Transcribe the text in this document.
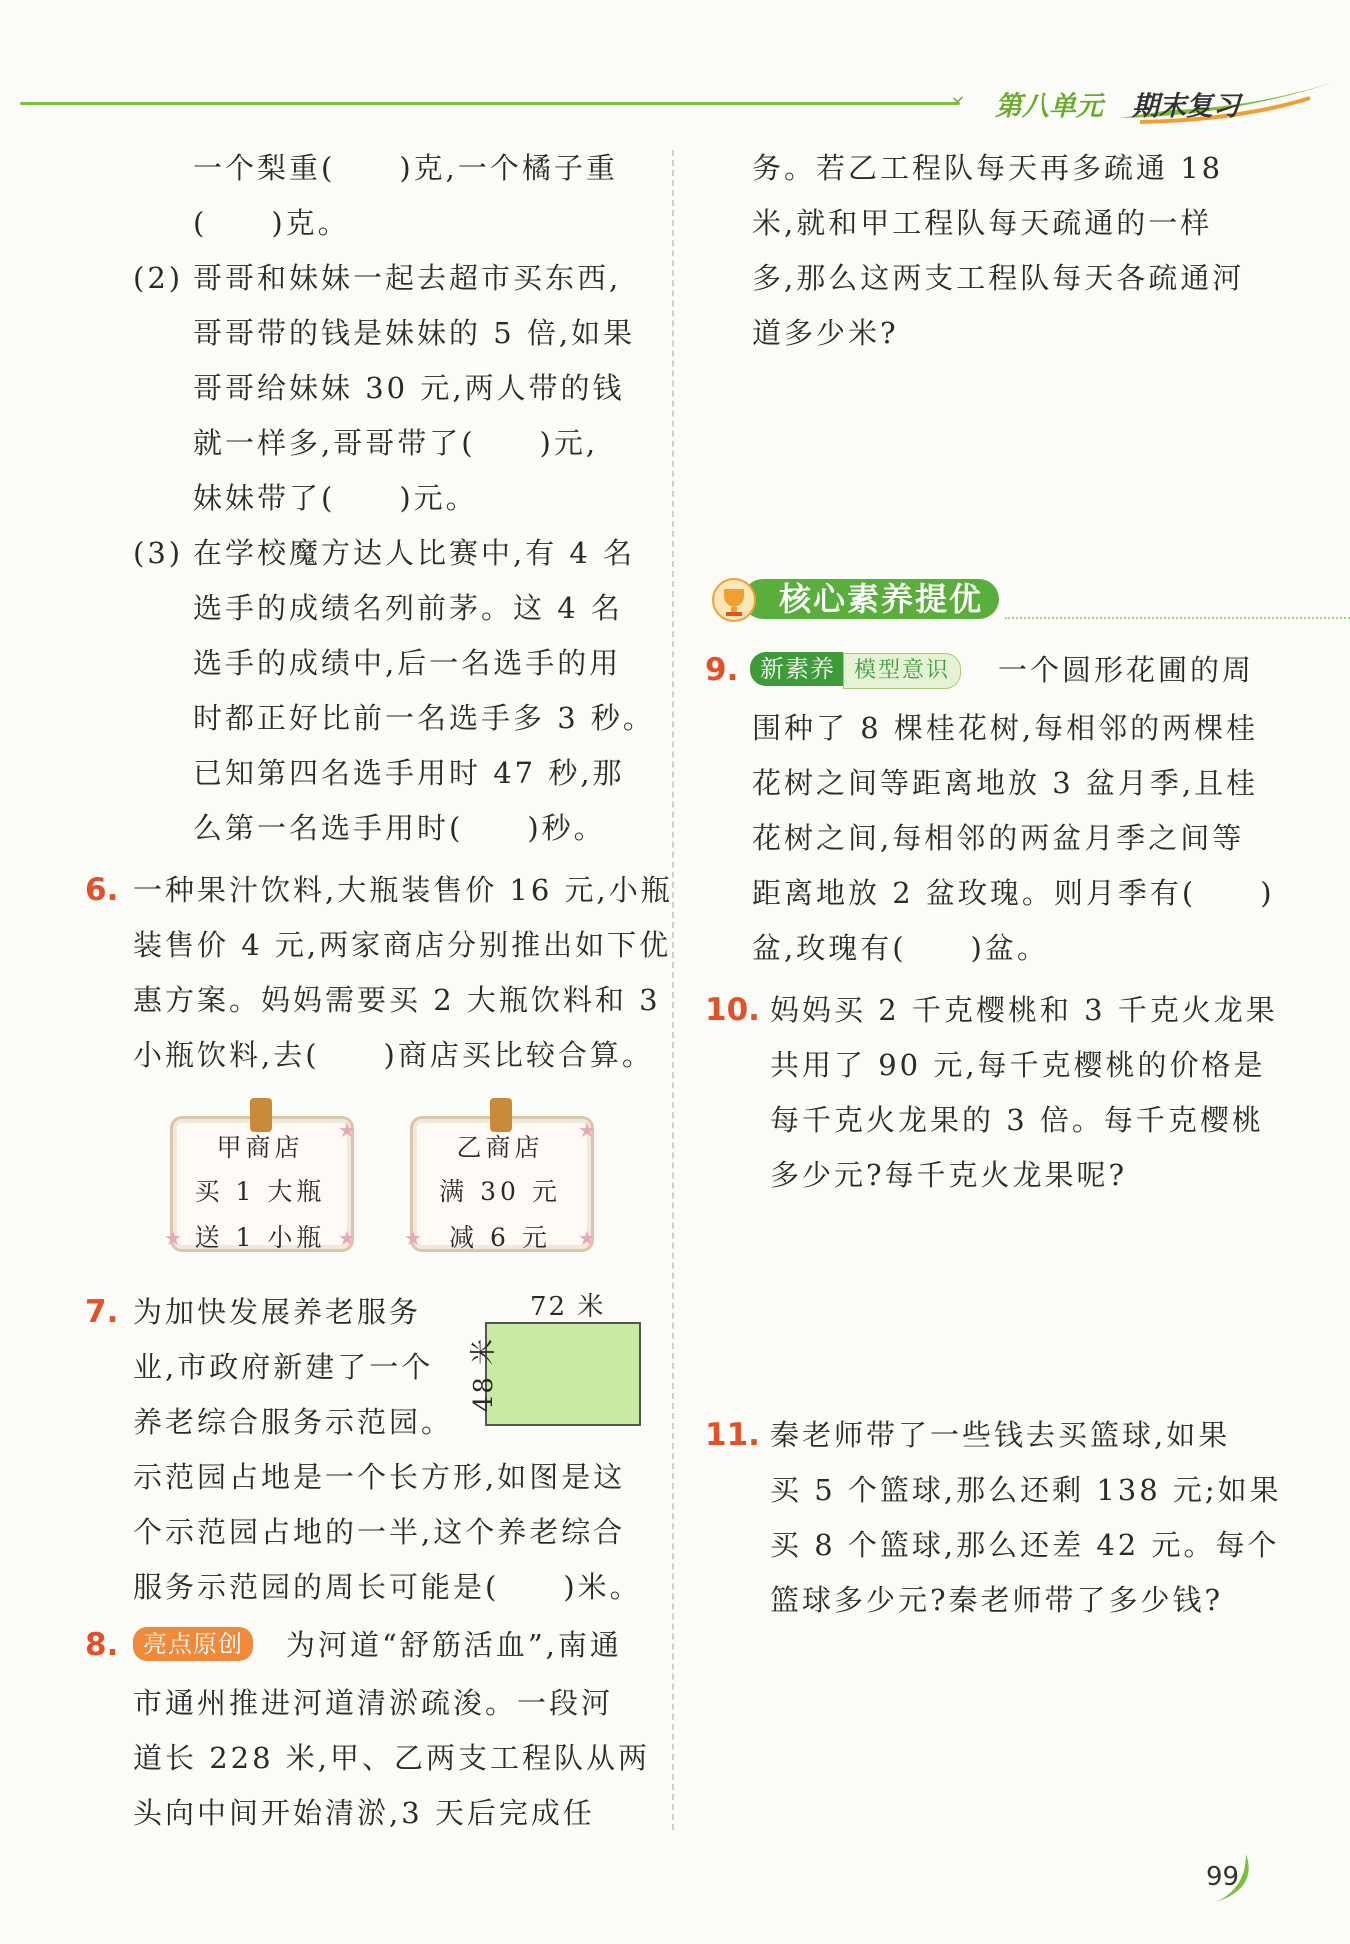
第八单元 期末复习
一个梨重(　　)克,一个橘子重
(　　)克。
(2) 哥哥和妹妹一起去超市买东西,
哥哥带的钱是妹妹的 5 倍,如果
哥哥给妹妹 30 元,两人带的钱
就一样多,哥哥带了(　　)元,
妹妹带了(　　)元。
(3) 在学校魔方达人比赛中,有 4 名
选手的成绩名列前茅。这 4 名
选手的成绩中,后一名选手的用
时都正好比前一名选手多 3 秒。
已知第四名选手用时 47 秒,那
么第一名选手用时(　　)秒。
6. 一种果汁饮料,大瓶装售价 16 元,小瓶
装售价 4 元,两家商店分别推出如下优
惠方案。妈妈需要买 2 大瓶饮料和 3
小瓶饮料,去(　　)商店买比较合算。
★
★	★
甲商店
买 1 大瓶
送 1 小瓶
★
★	★
乙商店
满 30 元
减 6 元
7. 为加快发展养老服务
业,市政府新建了一个
养老综合服务示范园。
示范园占地是一个长方形,如图是这
个示范园占地的一半,这个养老综合
服务示范园的周长可能是(　　)米。
72 米
48 米
8.	亮点原创	为河道“舒筋活血”,南通
市通州推进河道清淤疏浚。一段河
道长 228 米,甲、乙两支工程队从两
头向中间开始清淤,3 天后完成任
务。若乙工程队每天再多疏通 18
米,就和甲工程队每天疏通的一样
多,那么这两支工程队每天各疏通河
道多少米?
核心素养提优
9. 新素养 模型意识	一个圆形花圃的周
围种了 8 棵桂花树,每相邻的两棵桂
花树之间等距离地放 3 盆月季,且桂
花树之间,每相邻的两盆月季之间等
距离地放 2 盆玫瑰。则月季有(　　)
盆,玫瑰有(　　)盆。
10. 妈妈买 2 千克樱桃和 3 千克火龙果
共用了 90 元,每千克樱桃的价格是
每千克火龙果的 3 倍。每千克樱桃
多少元?每千克火龙果呢?
11. 秦老师带了一些钱去买篮球,如果
买 5 个篮球,那么还剩 138 元;如果
买 8 个篮球,那么还差 42 元。每个
篮球多少元?秦老师带了多少钱?
99
